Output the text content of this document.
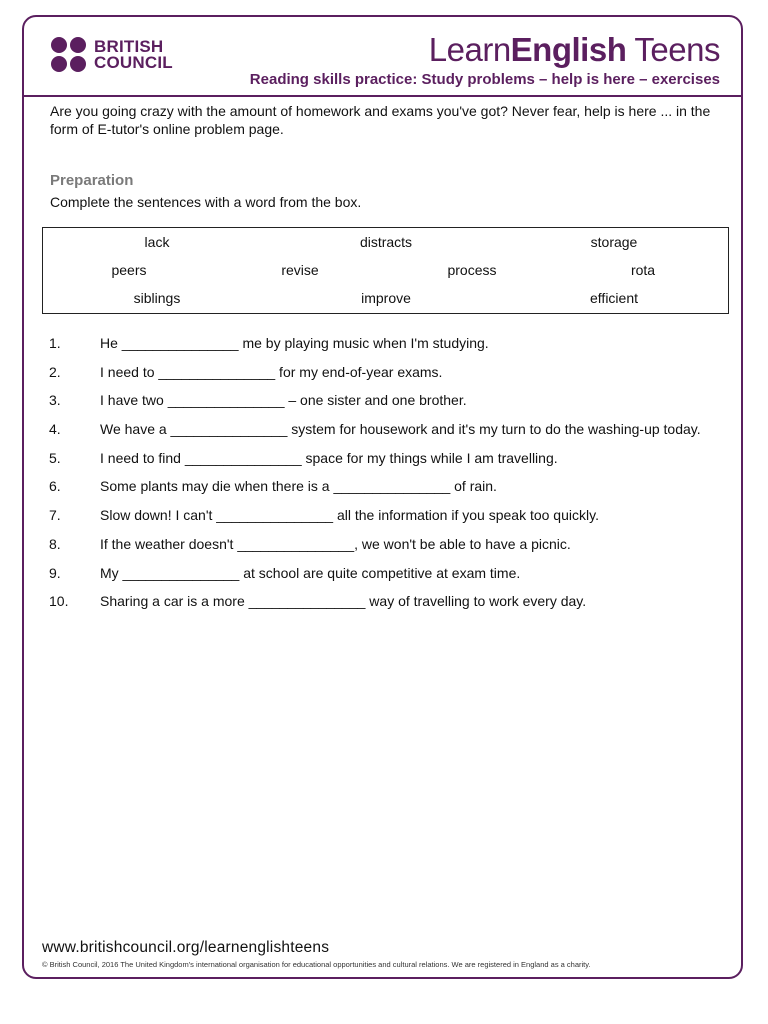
BRITISH
COUNCIL	LearnEnglish Teens
Reading skills practice: Study problems – help is here – exercises
Are you going crazy with the amount of homework and exams you've got? Never fear, help is here ... in the form of E-tutor's online problem page.
Preparation
Complete the sentences with a word from the box.
lack	distracts	storage
peers	revise	process	rota
siblings	improve	efficient
1.	He _______________ me by playing music when I'm studying.
2.	I need to _______________ for my end-of-year exams.
3.	I have two _______________ – one sister and one brother.
4.	We have a _______________ system for housework and it's my turn to do the washing-up today.
5.	I need to find _______________ space for my things while I am travelling.
6.	Some plants may die when there is a _______________ of rain.
7.	Slow down! I can't _______________ all the information if you speak too quickly.
8.	If the weather doesn't _______________, we won't be able to have a picnic.
9.	My _______________ at school are quite competitive at exam time.
10. Sharing a car is a more _______________ way of travelling to work every day.
www.britishcouncil.org/learnenglishteens
© British Council, 2016 The United Kingdom's international organisation for educational opportunities and cultural relations. We are registered in England as a charity.
